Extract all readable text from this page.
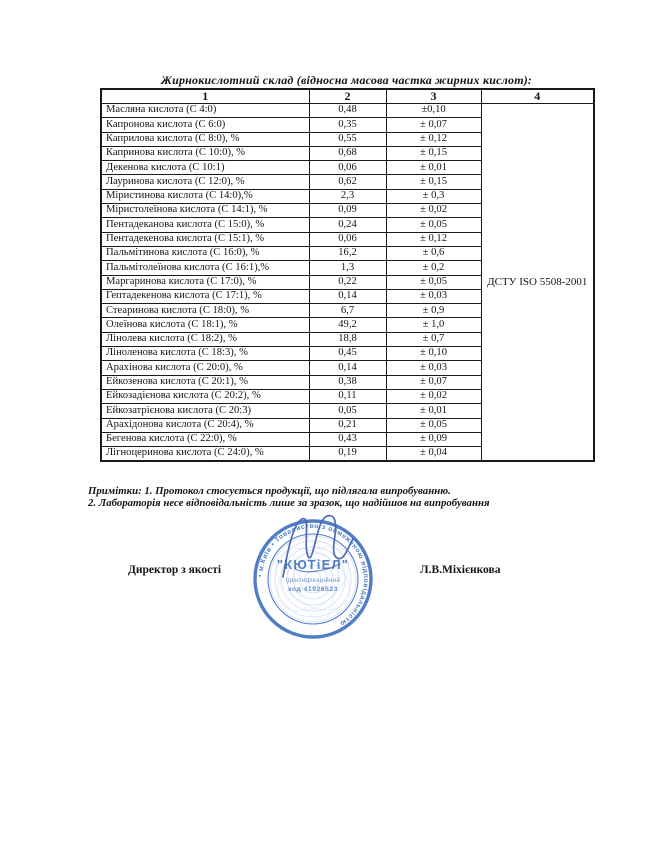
Жирнокислотний склад (відносна масова частка жирних кислот):
1	2	3	4
Масляна кислота (С 4:0)	0,48	±0,10	ДСТУ ISO 5508-2001
Капронова кислота (С 6:0)	0,35	± 0,07	
Каприлова кислота (С 8:0), %	0,55	± 0,12	
Капринова кислота (С 10:0), %	0,68	± 0,15	
Декенова кислота (С 10:1)	0,06	± 0,01	
Лауринова кислота (С 12:0), %	0,62	± 0,15	
Міристинова кислота (С 14:0),%	2,3	± 0,3	
Міристолеїнова кислота (С 14:1), %	0,09	± 0,02	
Пентадеканова кислота (С 15:0), %	0,24	± 0,05	
Пентадекенова кислота (С 15:1), %	0,06	± 0,12	
Пальмітинова кислота (С 16:0), %	16,2	± 0,6	
Пальмітолеїнова кислота (С 16:1),%	1,3	± 0,2	
Маргаринова кислота (С 17:0), %	0,22	± 0,05	
Гептадекенова кислота (С 17:1), %	0,14	± 0,03	
Стеаринова кислота (С 18:0), %	6,7	± 0,9	
Олеїнова кислота (С 18:1), %	49,2	± 1,0	
Лінолева кислота (С 18:2), %	18,8	± 0,7	
Ліноленова кислота (С 18:3), %	0,45	± 0,10	
Арахінова кислота (С 20:0), %	0,14	± 0,03	
Ейкозенова кислота (С 20:1), %	0,38	± 0,07	
Ейкозадієнова кислота (С 20:2), %	0,11	± 0,02	
Ейкозатрієнова кислота (С 20:3)	0,05	± 0,01	
Арахідонова кислота (С 20:4), %	0,21	± 0,05	
Бегенова кислота (С 22:0), %	0,43	± 0,09	
Лігноцеринова кислота (С 24:0), %	0,19	± 0,04	
Примітки: 1. Протокол стосується продукції, що підлягала випробуванню.
2. Лабораторія несе відповідальність лише за зразок, що надійшов на випробування
Директор з якості	Л.В.Міхієнкова
• м.Київ • Товариство з обмеженою відповідальністю
"КЮТіЕЛ"
ідентифікаційний
код 41926523
